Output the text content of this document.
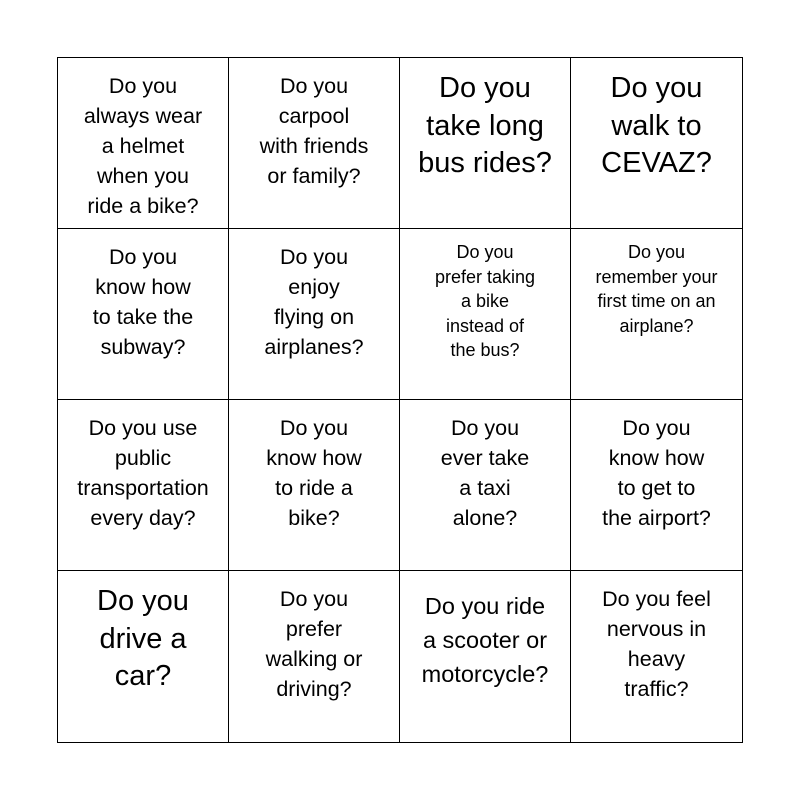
Do you
always wear
a helmet
when you
ride a bike?
Do you
carpool
with friends
or family?
Do you
take long
bus rides?
Do you
walk to
CEVAZ?
Do you
know how
to take the
subway?
Do you
enjoy
flying on
airplanes?
Do you
prefer taking
a bike
instead of
the bus?
Do you
remember your
first time on an
airplane?
Do you use
public
transportation
every day?
Do you
know how
to ride a
bike?
Do you
ever take
a taxi
alone?
Do you
know how
to get to
the airport?
Do you
drive a
car?
Do you
prefer
walking or
driving?
Do you ride
a scooter or
motorcycle?
Do you feel
nervous in
heavy
traffic?
